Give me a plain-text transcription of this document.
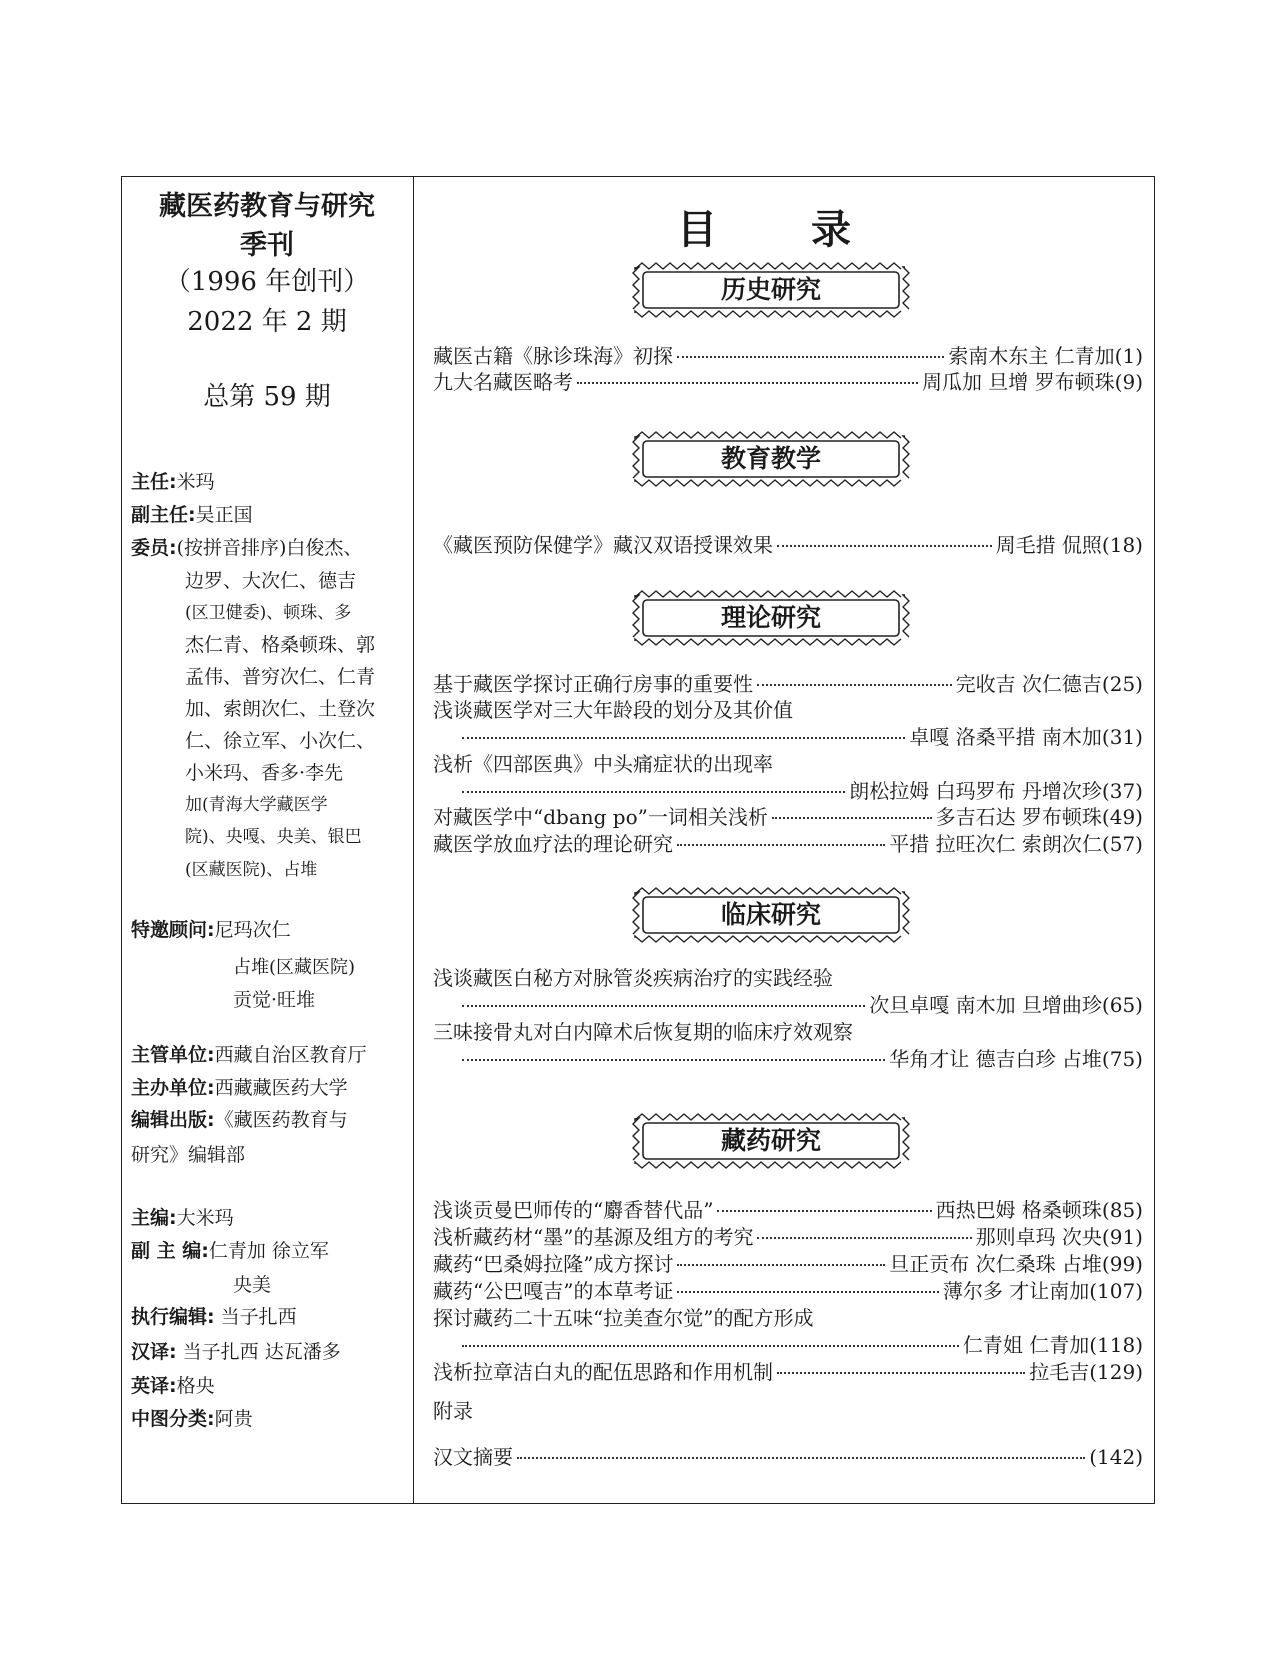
藏医药教育与研究
季刊
（1996 年创刊）
2022 年 2 期
总第 59 期
主任:米玛
副主任:吴正国
委员:(按拼音排序)白俊杰、
边罗、大次仁、德吉
(区卫健委)、顿珠、多
杰仁青、格桑顿珠、郭
孟伟、普穷次仁、仁青
加、索朗次仁、土登次
仁、徐立军、小次仁、
小米玛、香多·李先
加(青海大学藏医学
院)、央嘎、央美、银巴
(区藏医院)、占堆
特邀顾问:尼玛次仁
占堆(区藏医院)
贡觉·旺堆
主管单位:西藏自治区教育厅
主办单位:西藏藏医药大学
编辑出版:《藏医药教育与
研究》编辑部
主编:大米玛
副 主 编:仁青加 徐立军
央美
执行编辑: 当子扎西
汉译: 当子扎西 达瓦潘多
英译:格央
中图分类:阿贵
目 录
历史研究
藏医古籍《脉诊珠海》初探	索南木东主 仁青加(1)
九大名藏医略考	周瓜加 旦增 罗布顿珠(9)
教育教学
《藏医预防保健学》藏汉双语授课效果	周毛措 侃照(18)
理论研究
基于藏医学探讨正确行房事的重要性	完收吉 次仁德吉(25)
浅谈藏医学对三大年龄段的划分及其价值
卓嘎 洛桑平措 南木加(31)
浅析《四部医典》中头痛症状的出现率
朗松拉姆 白玛罗布 丹增次珍(37)
对藏医学中“dbang po”一词相关浅析	多吉石达 罗布顿珠(49)
藏医学放血疗法的理论研究	平措 拉旺次仁 索朗次仁(57)
临床研究
浅谈藏医白秘方对脉管炎疾病治疗的实践经验
次旦卓嘎 南木加 旦增曲珍(65)
三味接骨丸对白内障术后恢复期的临床疗效观察
华角才让 德吉白珍 占堆(75)
藏药研究
浅谈贡曼巴师传的“麝香替代品”	西热巴姆 格桑顿珠(85)
浅析藏药材“墨”的基源及组方的考究	那则卓玛 次央(91)
藏药“巴桑姆拉隆”成方探讨	旦正贡布 次仁桑珠 占堆(99)
藏药“公巴嘎吉”的本草考证	薄尔多 才让南加(107)
探讨藏药二十五味“拉美查尔觉”的配方形成
仁青姐 仁青加(118)
浅析拉章洁白丸的配伍思路和作用机制	拉毛吉(129)
附录
汉文摘要	(142)
